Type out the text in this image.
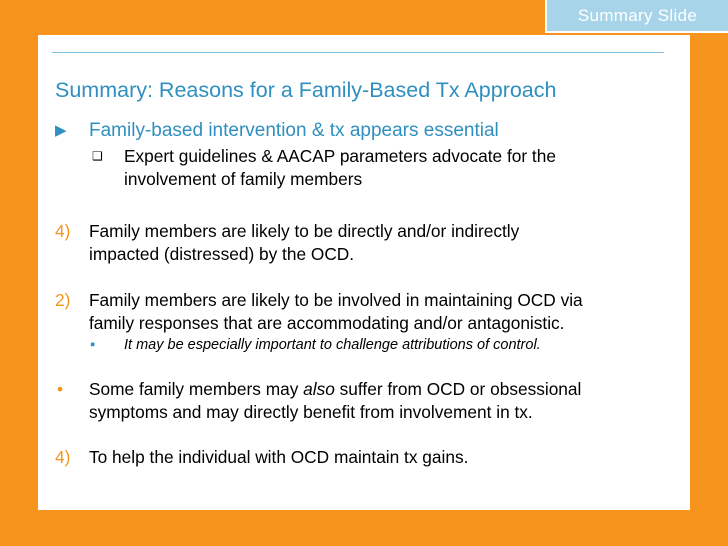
Summary Slide
Summary: Reasons for a Family-Based Tx Approach
▶ Family-based intervention & tx appears essential
❑ Expert guidelines & AACAP parameters advocate for the
involvement of family members
4) Family members are likely to be directly and/or indirectly
impacted (distressed) by the OCD.
2) Family members are likely to be involved in maintaining OCD via
family responses that are accommodating and/or antagonistic.
▪ It may be especially important to challenge attributions of control.
• Some family members may also suffer from OCD or obsessional
symptoms and may directly benefit from involvement in tx.
4) To help the individual with OCD maintain tx gains.
